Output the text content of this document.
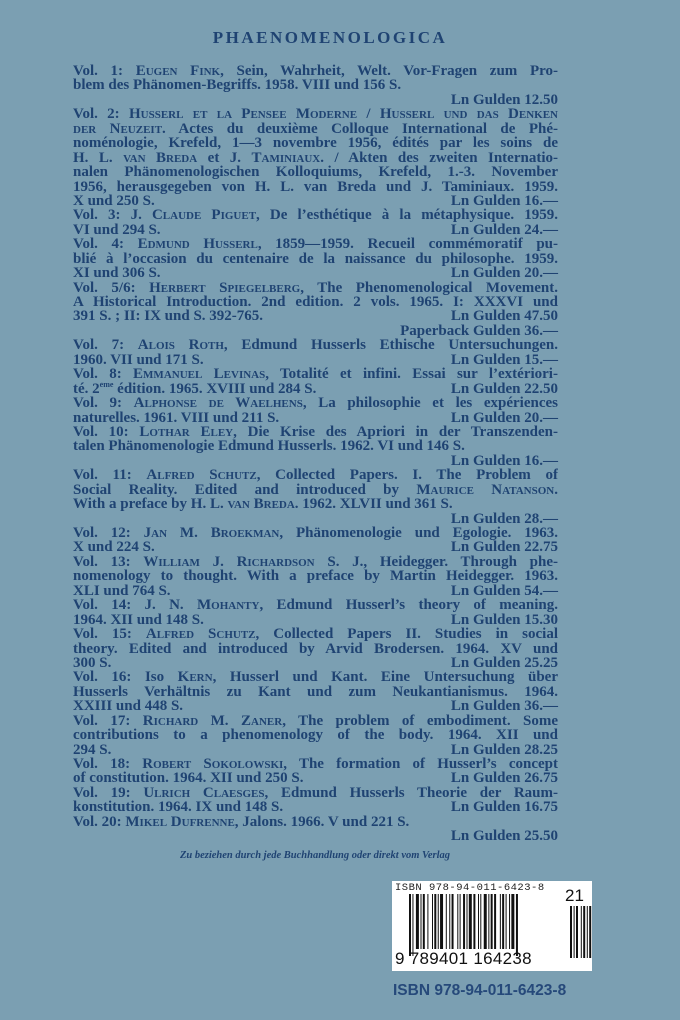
PHAENOMENOLOGICA
Vol. 1: Eugen Fink, Sein, Wahrheit, Welt. Vor-Fragen zum Pro-
blem des Phänomen-Begriffs. 1958. VIII und 156 S.
Ln Gulden 12.50
Vol. 2: Husserl et la Pensee Moderne / Husserl und das Denken
der Neuzeit. Actes du deuxième Colloque International de Phé-
noménologie, Krefeld, 1—3 novembre 1956, édités par les soins de
H. L. van Breda et J. Taminiaux. / Akten des zweiten Internatio-
nalen Phänomenologischen Kolloquiums, Krefeld, 1.-3. November
1956, herausgegeben von H. L. van Breda und J. Taminiaux. 1959.
X und 250 S.	Ln Gulden 16.—
Vol. 3: J. Claude Piguet, De l’esthétique à la métaphysique. 1959.
VI und 294 S.	Ln Gulden 24.—
Vol. 4: Edmund Husserl, 1859—1959. Recueil commémoratif pu-
blié à l’occasion du centenaire de la naissance du philosophe. 1959.
XI und 306 S.	Ln Gulden 20.—
Vol. 5/6: Herbert Spiegelberg, The Phenomenological Movement.
A Historical Introduction. 2nd edition. 2 vols. 1965. I: XXXVI und
391 S. ; II: IX und S. 392-765.	Ln Gulden 47.50
Paperback Gulden 36.—
Vol. 7: Alois Roth, Edmund Husserls Ethische Untersuchungen.
1960. VII und 171 S.	Ln Gulden 15.—
Vol. 8: Emmanuel Levinas, Totalité et infini. Essai sur l’extériori-
té. 2ème édition. 1965. XVIII und 284 S.	Ln Gulden 22.50
Vol. 9: Alphonse de Waelhens, La philosophie et les expériences
naturelles. 1961. VIII und 211 S.	Ln Gulden 20.—
Vol. 10: Lothar Eley, Die Krise des Apriori in der Transzenden-
talen Phänomenologie Edmund Husserls. 1962. VI und 146 S.
Ln Gulden 16.—
Vol. 11: Alfred Schutz, Collected Papers. I. The Problem of
Social Reality. Edited and introduced by Maurice Natanson.
With a preface by H. L. van Breda. 1962. XLVII und 361 S.
Ln Gulden 28.—
Vol. 12: Jan M. Broekman, Phänomenologie und Egologie. 1963.
X und 224 S.	Ln Gulden 22.75
Vol. 13: William J. Richardson S. J., Heidegger. Through phe-
nomenology to thought. With a preface by Martin Heidegger. 1963.
XLI und 764 S.	Ln Gulden 54.—
Vol. 14: J. N. Mohanty, Edmund Husserl’s theory of meaning.
1964. XII und 148 S.	Ln Gulden 15.30
Vol. 15: Alfred Schutz, Collected Papers II. Studies in social
theory. Edited and introduced by Arvid Brodersen. 1964. XV und
300 S.	Ln Gulden 25.25
Vol. 16: Iso Kern, Husserl und Kant. Eine Untersuchung über
Husserls Verhältnis zu Kant und zum Neukantianismus. 1964.
XXIII und 448 S.	Ln Gulden 36.—
Vol. 17: Richard M. Zaner, The problem of embodiment. Some
contributions to a phenomenology of the body. 1964. XII und
294 S.	Ln Gulden 28.25
Vol. 18: Robert Sokolowski, The formation of Husserl’s concept
of constitution. 1964. XII und 250 S.	Ln Gulden 26.75
Vol. 19: Ulrich Claesges, Edmund Husserls Theorie der Raum-
konstitution. 1964. IX und 148 S.	Ln Gulden 16.75
Vol. 20: Mikel Dufrenne, Jalons. 1966. V und 221 S.
Ln Gulden 25.50
Zu beziehen durch jede Buchhandlung oder direkt vom Verlag
ISBN 978-94-011-6423-8 21
9 789401 164238
ISBN 978-94-011-6423-8
